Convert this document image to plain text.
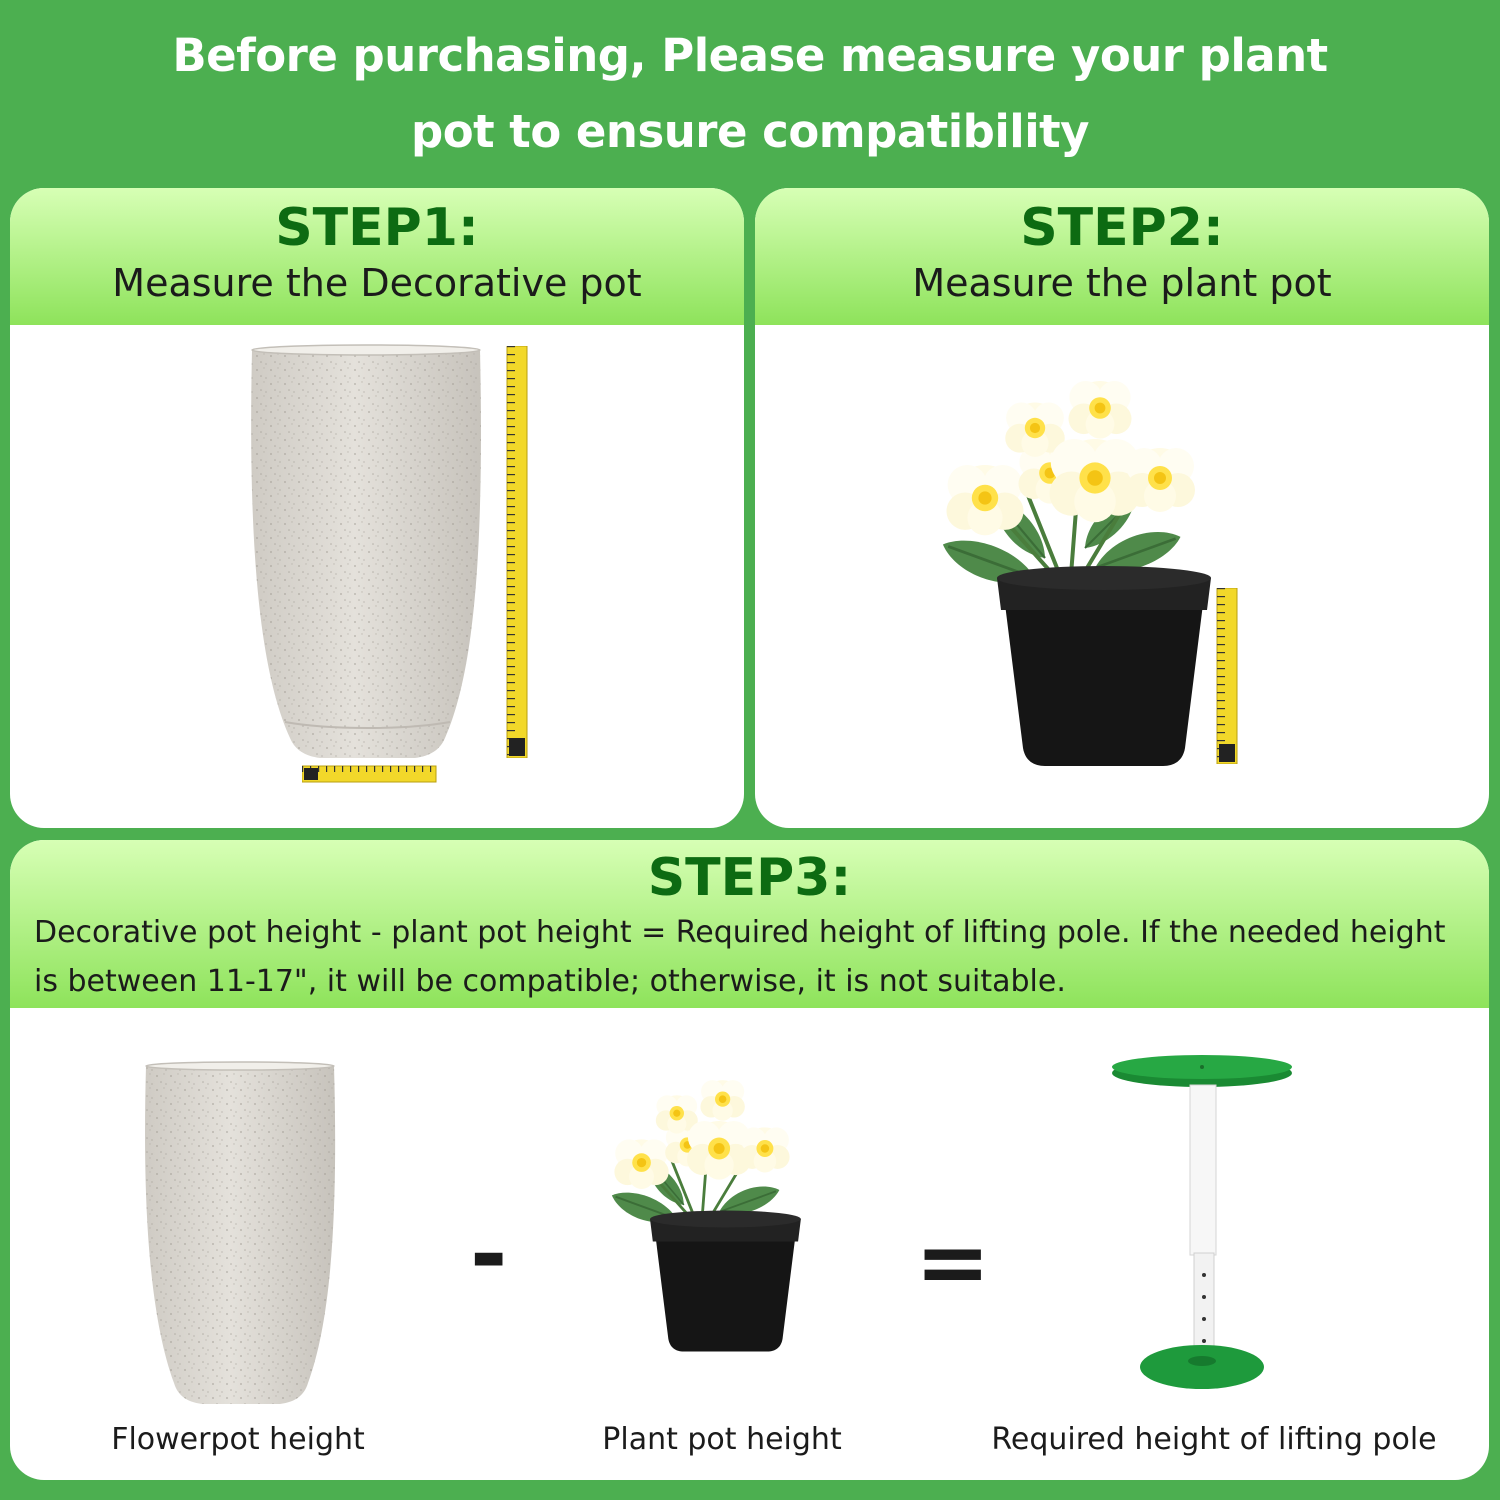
Before purchasing, Please measure your plant
pot to ensure compatibility
STEP1:
Measure the Decorative pot
STEP2:
Measure the plant pot
STEP3:
Decorative pot height - plant pot height = Required height of lifting pole. If the needed height is between 11-17", it will be compatible; otherwise, it is not suitable.
-	=
Flowerpot height	Plant pot height	Required height of lifting pole
